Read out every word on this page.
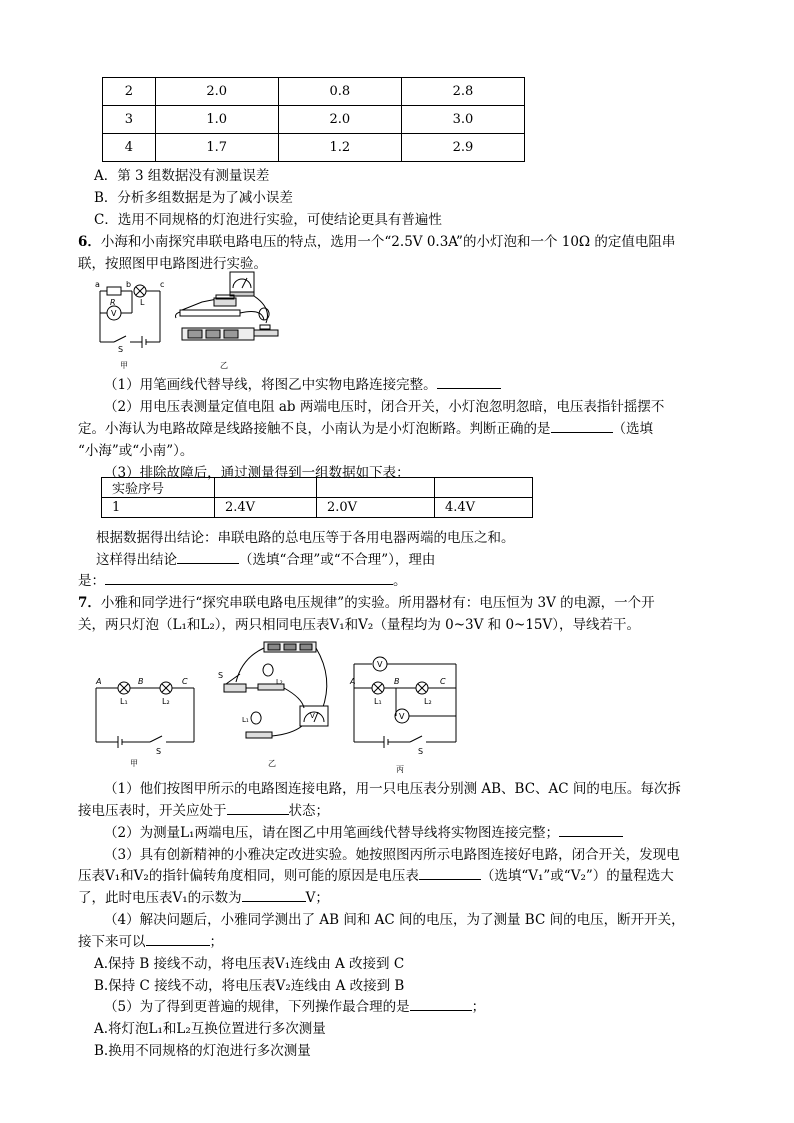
2	2.0	0.8	2.8
3	1.0	2.0	3.0
4	1.7	1.2	2.9
A．第 3 组数据没有测量误差
B．分析多组数据是为了减小误差
C．选用不同规格的灯泡进行实验，可使结论更具有普遍性
6．小海和小南探究串联电路电压的特点，选用一个“2.5V 0.3A”的小灯泡和一个 10Ω 的定值电阻串
联，按照图甲电路图进行实验。
a	b	c
R	L
V
S
甲	乙
（1）用笔画线代替导线，将图乙中实物电路连接完整。
（2）用电压表测量定值电阻 ab 两端电压时，闭合开关，小灯泡忽明忽暗，电压表指针摇摆不
定。小海认为电路故障是线路接触不良，小南认为是小灯泡断路。判断正确的是	（选填
“小海”或“小南”）。
（3）排除故障后，通过测量得到一组数据如下表：
实验序号			
1	2.4V	2.0V	4.4V
根据数据得出结论：串联电路的总电压等于各用电器两端的电压之和。
这样得出结论	（选填“合理”或“不合理”），理由
是：	。
7．小雅和同学进行“探究串联电路电压规律”的实验。所用器材有：电压恒为 3V 的电源，一个开
关，两只灯泡（L₁和L₂），两只相同电压表V₁和V₂（量程均为 0~3V 和 0~15V），导线若干。
A	B	C
L₁	L₂
S
甲
S
L₂
L₁	V
乙
V
V
A	B	C
L₁	L₂
S
丙
（1）他们按图甲所示的电路图连接电路，用一只电压表分别测 AB、BC、AC 间的电压。每次拆
接电压表时，开关应处于	状态；
（2）为测量L₁两端电压，请在图乙中用笔画线代替导线将实物图连接完整；
（3）具有创新精神的小雅决定改进实验。她按照图丙所示电路图连接好电路，闭合开关，发现电
压表V₁和V₂的指针偏转角度相同，则可能的原因是电压表	（选填“V₁”或“V₂”）的量程选大
了，此时电压表V₁的示数为	V；
（4）解决问题后，小雅同学测出了 AB 间和 AC 间的电压，为了测量 BC 间的电压，断开开关，
接下来可以	；
A.保持 B 接线不动，将电压表V₁连线由 A 改接到 C
B.保持 C 接线不动，将电压表V₂连线由 A 改接到 B
（5）为了得到更普遍的规律，下列操作最合理的是	；
A.将灯泡L₁和L₂互换位置进行多次测量
B.换用不同规格的灯泡进行多次测量
